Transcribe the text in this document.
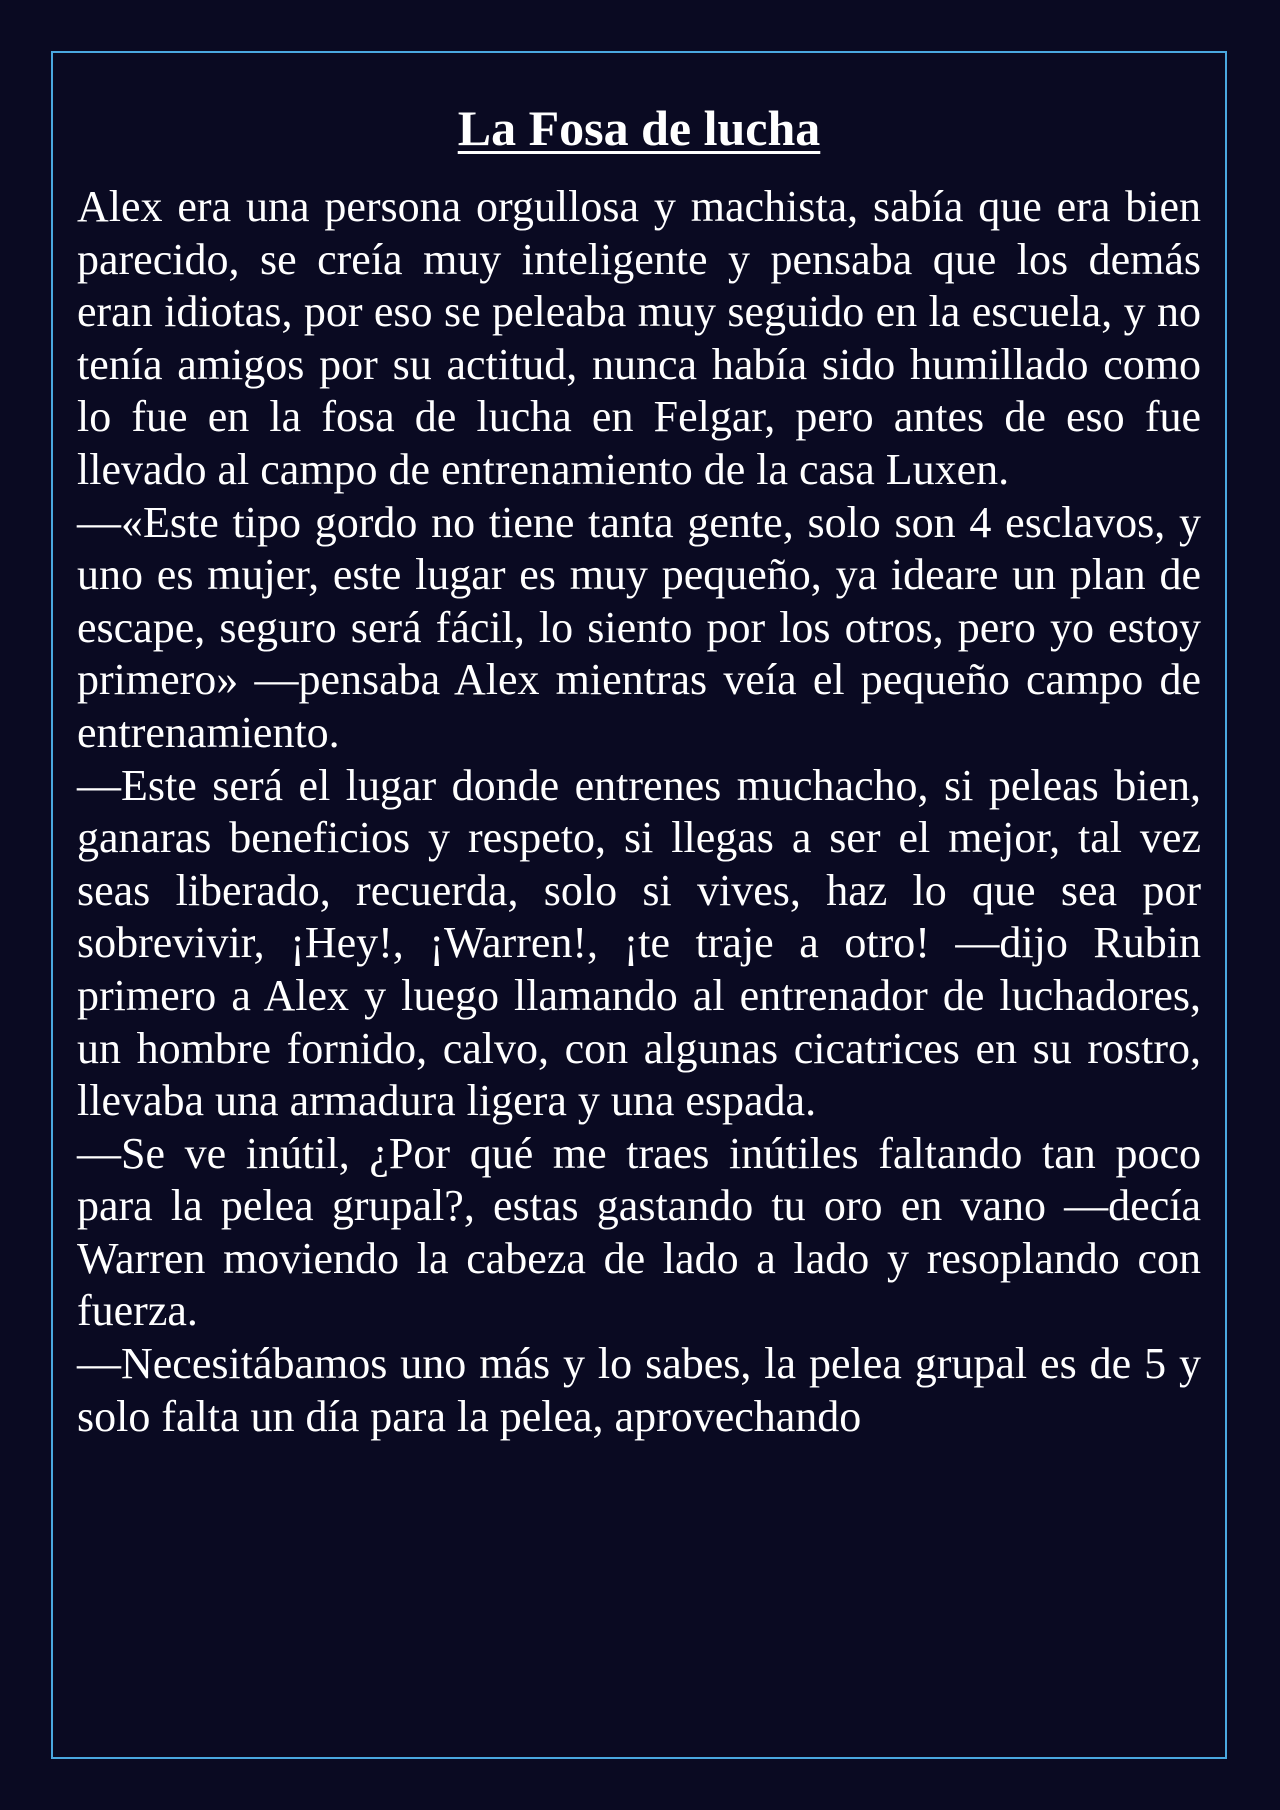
La Fosa de lucha

Alex era una persona orgullosa y machista, sabía que era bien parecido, se creía muy inteligente y pensaba que los demás eran idiotas, por eso se peleaba muy seguido en la escuela, y no tenía amigos por su actitud, nunca había sido humillado como lo fue en la fosa de lucha en Felgar, pero antes de eso fue llevado al campo de entrenamiento de la casa Luxen.

—«Este tipo gordo no tiene tanta gente, solo son 4 esclavos, y uno es mujer, este lugar es muy pequeño, ya ideare un plan de escape, seguro será fácil, lo siento por los otros, pero yo estoy primero» —pensaba Alex mientras veía el pequeño campo de entrenamiento.

—Este será el lugar donde entrenes muchacho, si peleas bien, ganaras beneficios y respeto, si llegas a ser el mejor, tal vez seas liberado, recuerda, solo si vives, haz lo que sea por sobrevivir, ¡Hey!, ¡Warren!, ¡te traje a otro! —dijo Rubin primero a Alex y luego llamando al entrenador de luchadores, un hombre fornido, calvo, con algunas cicatrices en su rostro, llevaba una armadura ligera y una espada.

—Se ve inútil, ¿Por qué me traes inútiles faltando tan poco para la pelea grupal?, estas gastando tu oro en vano —decía Warren moviendo la cabeza de lado a lado y resoplando con fuerza.

—Necesitábamos uno más y lo sabes, la pelea grupal es de 5 y solo falta un día para la pelea, aprovechando
